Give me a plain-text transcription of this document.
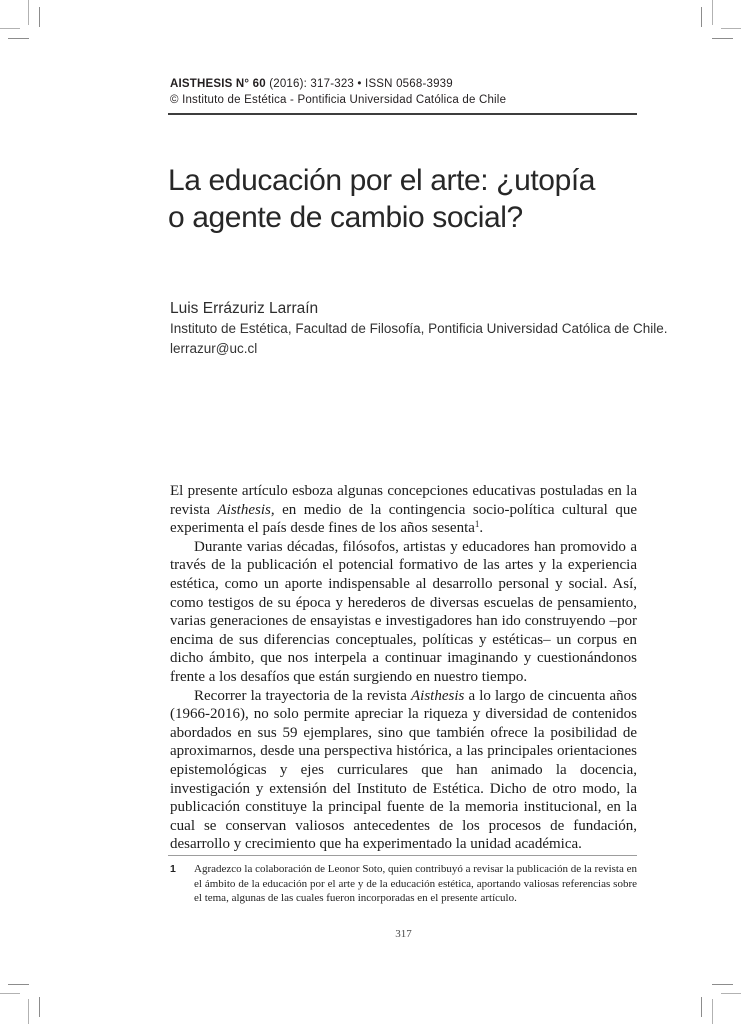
AISTHESIS N° 60 (2016): 317-323 • ISSN 0568-3939
© Instituto de Estética - Pontificia Universidad Católica de Chile
La educación por el arte: ¿utopía
o agente de cambio social?
Luis Errázuriz Larraín
Instituto de Estética, Facultad de Filosofía, Pontificia Universidad Católica de Chile.
lerrazur@uc.cl

El presente artículo esboza algunas concepciones educativas postuladas en la revista Aisthesis, en medio de la contingencia socio-política cultural que experimenta el país desde fines de los años sesenta$^1$.

Durante varias décadas, filósofos, artistas y educadores han promovido a través de la publicación el potencial formativo de las artes y la experiencia estética, como un aporte indispensable al desarrollo personal y social. Así, como testigos de su época y herederos de diversas escuelas de pensamiento, varias generaciones de ensayistas e investigadores han ido construyendo –por encima de sus diferencias conceptuales, políticas y estéticas– un corpus en dicho ámbito, que nos interpela a continuar imaginando y cuestionándonos frente a los desafíos que están surgiendo en nuestro tiempo.

Recorrer la trayectoria de la revista Aisthesis a lo largo de cincuenta años (1966-2016), no solo permite apreciar la riqueza y diversidad de contenidos abordados en sus 59 ejemplares, sino que también ofrece la posibilidad de aproximarnos, desde una perspectiva histórica, a las principales orientaciones epistemológicas y ejes curriculares que han animado la docencia, investigación y extensión del Instituto de Estética. Dicho de otro modo, la publicación constituye la principal fuente de la memoria institucional, en la cual se conservan valiosos antecedentes de los procesos de fundación, desarrollo y crecimiento que ha experimentado la unidad académica.

1 Agradezco la colaboración de Leonor Soto, quien contribuyó a revisar la publicación de la revista en el ámbito de la educación por el arte y de la educación estética, aportando valiosas referencias sobre el tema, algunas de las cuales fueron incorporadas en el presente artículo.
317
